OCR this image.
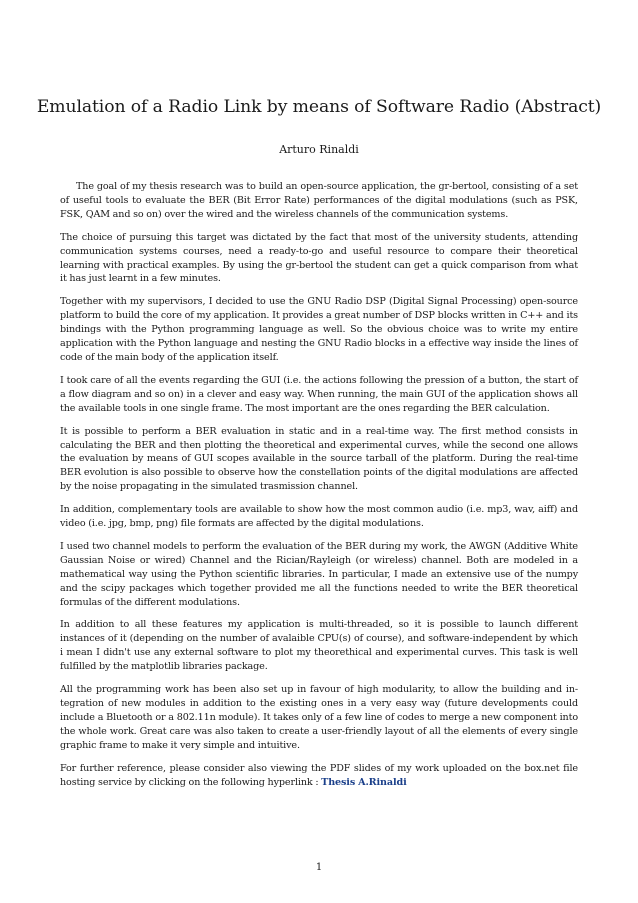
Emulation of a Radio Link by means of Software Radio (Abstract)

Arturo Rinaldi

The goal of my thesis research was to build an open-source application, the gr-bertool, consisting of a set of useful tools to evaluate the BER (Bit Error Rate) performances of the digital modulations (such as PSK, FSK, QAM and so on) over the wired and the wireless channels of the communication systems.

The choice of pursuing this target was dictated by the fact that most of the university students, attending communication systems courses, need a ready-to-go and useful resource to compare their theoretical learning with practical examples. By using the gr-bertool the student can get a quick comparison from what it has just learnt in a few minutes.

Together with my supervisors, I decided to use the GNU Radio DSP (Digital Signal Processing) open-source platform to build the core of my application. It provides a great number of DSP blocks written in C++ and its bindings with the Python programming language as well. So the obvious choice was to write my entire application with the Python language and nesting the GNU Radio blocks in a effective way inside the lines of code of the main body of the application itself.

I took care of all the events regarding the GUI (i.e. the actions following the pression of a button, the start of a flow diagram and so on) in a clever and easy way. When running, the main GUI of the application shows all the available tools in one single frame. The most important are the ones regarding the BER calculation.

It is possible to perform a BER evaluation in static and in a real-time way. The first method consists in calculating the BER and then plotting the theoretical and experimental curves, while the second one allows the evaluation by means of GUI scopes available in the source tarball of the platform. During the real-time BER evolution is also possible to observe how the constellation points of the digital modulations are affected by the noise propagating in the simulated trasmission channel.

In addition, complementary tools are available to show how the most common audio (i.e. mp3, wav, aiff) and video (i.e. jpg, bmp, png) file formats are affected by the digital modulations.

I used two channel models to perform the evaluation of the BER during my work, the AWGN (Additive White Gaussian Noise or wired) Channel and the Rician/Rayleigh (or wireless) channel. Both are modeled in a mathematical way using the Python scientific libraries. In particular, I made an extensive use of the numpy and the scipy packages which together provided me all the functions needed to write the BER theoretical formulas of the different modulations.

In addition to all these features my application is multi-threaded, so it is possible to launch different instances of it (depending on the number of avalaible CPU(s) of course), and software-independent by which i mean I didn't use any external software to plot my theorethical and experimental curves. This task is well fulfilled by the matplotlib libraries package.

All the programming work has been also set up in favour of high modularity, to allow the building and in-tegration of new modules in addition to the existing ones in a very easy way (future developments could include a Bluetooth or a 802.11n module). It takes only of a few line of codes to merge a new component into the whole work. Great care was also taken to create a user-friendly layout of all the elements of every single graphic frame to make it very simple and intuitive.

For further reference, please consider also viewing the PDF slides of my work uploaded on the box.net file hosting service by clicking on the following hyperlink : Thesis A.Rinaldi

1
